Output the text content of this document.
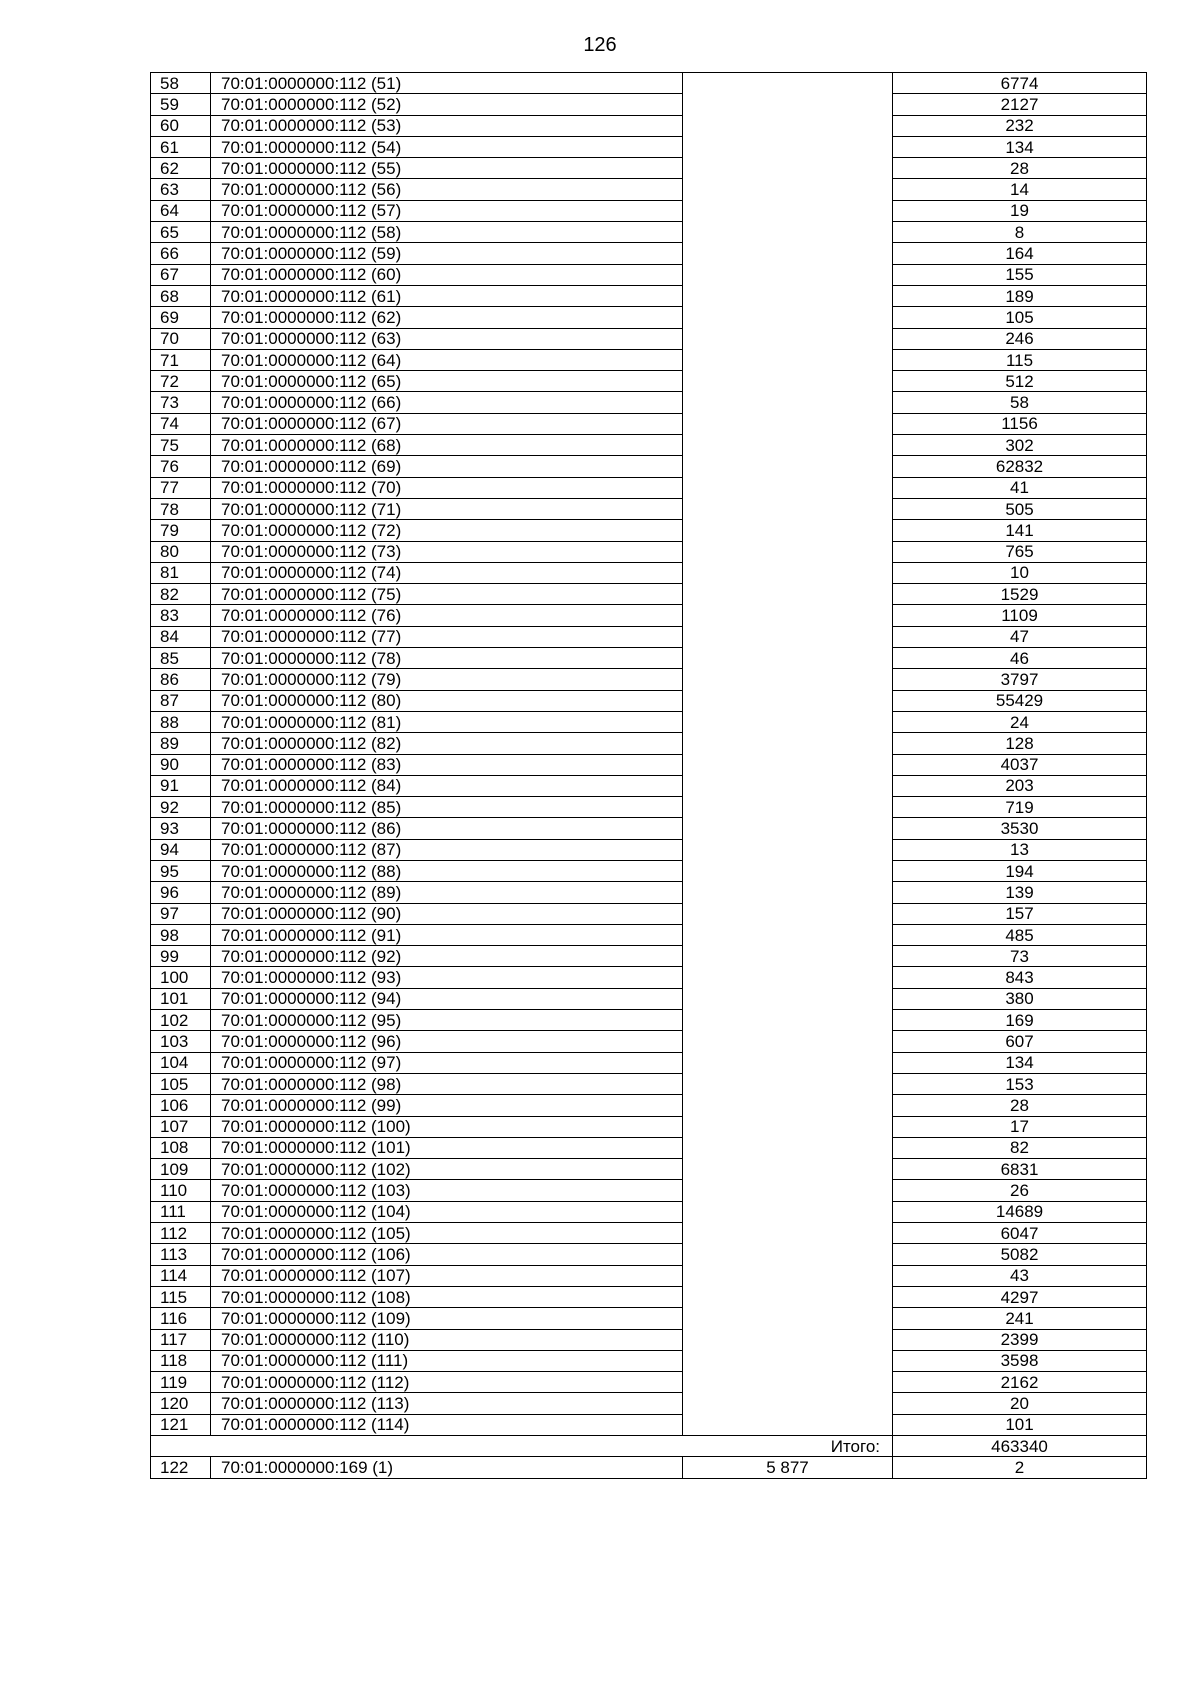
126
58	70:01:0000000:112 (51)		6774
59	70:01:0000000:112 (52)		2127
60	70:01:0000000:112 (53)		232
61	70:01:0000000:112 (54)		134
62	70:01:0000000:112 (55)		28
63	70:01:0000000:112 (56)		14
64	70:01:0000000:112 (57)		19
65	70:01:0000000:112 (58)		8
66	70:01:0000000:112 (59)		164
67	70:01:0000000:112 (60)		155
68	70:01:0000000:112 (61)		189
69	70:01:0000000:112 (62)		105
70	70:01:0000000:112 (63)		246
71	70:01:0000000:112 (64)		115
72	70:01:0000000:112 (65)		512
73	70:01:0000000:112 (66)		58
74	70:01:0000000:112 (67)		1156
75	70:01:0000000:112 (68)		302
76	70:01:0000000:112 (69)		62832
77	70:01:0000000:112 (70)		41
78	70:01:0000000:112 (71)		505
79	70:01:0000000:112 (72)		141
80	70:01:0000000:112 (73)		765
81	70:01:0000000:112 (74)		10
82	70:01:0000000:112 (75)		1529
83	70:01:0000000:112 (76)		1109
84	70:01:0000000:112 (77)		47
85	70:01:0000000:112 (78)		46
86	70:01:0000000:112 (79)		3797
87	70:01:0000000:112 (80)		55429
88	70:01:0000000:112 (81)		24
89	70:01:0000000:112 (82)		128
90	70:01:0000000:112 (83)		4037
91	70:01:0000000:112 (84)		203
92	70:01:0000000:112 (85)		719
93	70:01:0000000:112 (86)		3530
94	70:01:0000000:112 (87)		13
95	70:01:0000000:112 (88)		194
96	70:01:0000000:112 (89)		139
97	70:01:0000000:112 (90)		157
98	70:01:0000000:112 (91)		485
99	70:01:0000000:112 (92)		73
100	70:01:0000000:112 (93)		843
101	70:01:0000000:112 (94)		380
102	70:01:0000000:112 (95)		169
103	70:01:0000000:112 (96)		607
104	70:01:0000000:112 (97)		134
105	70:01:0000000:112 (98)		153
106	70:01:0000000:112 (99)		28
107	70:01:0000000:112 (100)		17
108	70:01:0000000:112 (101)		82
109	70:01:0000000:112 (102)		6831
110	70:01:0000000:112 (103)		26
111	70:01:0000000:112 (104)		14689
112	70:01:0000000:112 (105)		6047
113	70:01:0000000:112 (106)		5082
114	70:01:0000000:112 (107)		43
115	70:01:0000000:112 (108)		4297
116	70:01:0000000:112 (109)		241
117	70:01:0000000:112 (110)		2399
118	70:01:0000000:112 (111)		3598
119	70:01:0000000:112 (112)		2162
120	70:01:0000000:112 (113)		20
121	70:01:0000000:112 (114)		101
Итого:			463340
122	70:01:0000000:169 (1)	5 877	2
